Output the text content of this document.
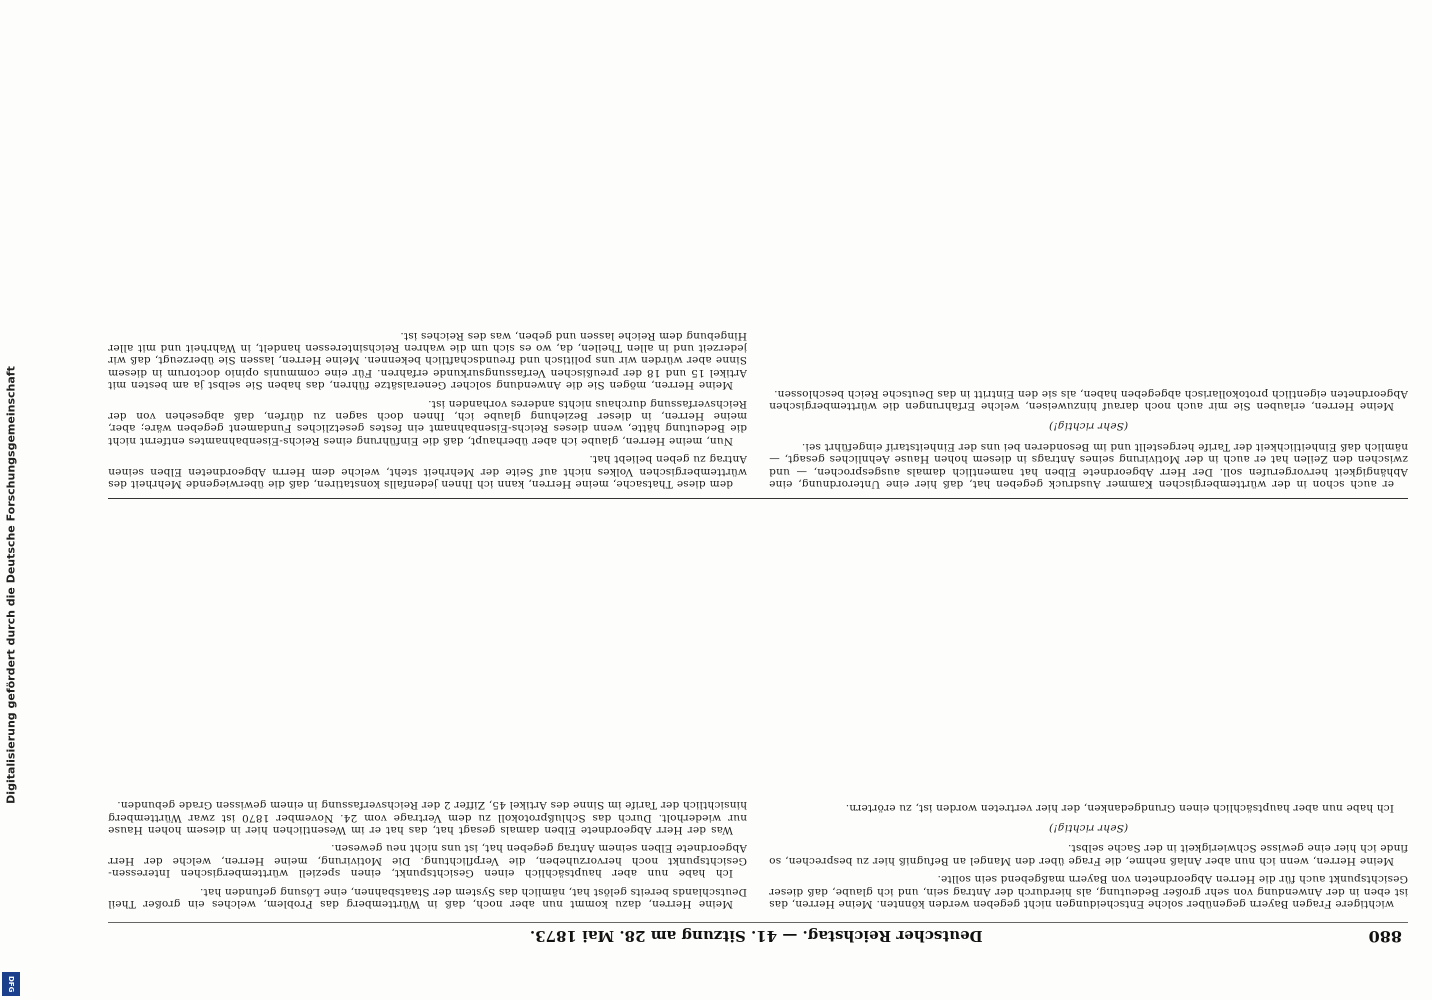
880
Deutscher Reichstag. — 41. Sitzung am 28. Mai 1873.

wichtigere Fragen Bayern gegenüber solche Entscheidungen nicht gegeben werden könnten. Meine Herren, das ist eben in der Anwendung von sehr großer Bedeutung, als hierdurch der Antrag sein, und ich glaube, daß dieser Gesichtspunkt auch für die Herren Abgeordneten von Bayern maßgebend sein sollte.

Meine Herren, wenn ich nun aber Anlaß nehme, die Frage über den Mangel an Befugniß hier zu besprechen, so finde ich hier eine gewisse Schwierigkeit in der Sache selbst.

(Sehr richtig!)

Ich habe nun aber hauptsächlich einen Grundgedanken, der hier vertreten worden ist, zu erörtern.

Meine Herren, dazu kommt nun aber noch, daß in Württemberg das Problem, welches ein großer Theil Deutschlands bereits gelöst hat, nämlich das System der Staatsbahnen, eine Lösung gefunden hat.

Ich habe nun aber hauptsächlich einen Gesichtspunkt, einen speziell württembergischen Interessen-Gesichtspunkt noch hervorzuheben, die Verpflichtung. Die Motivirung, meine Herren, welche der Herr Abgeordnete Elben seinem Antrag gegeben hat, ist uns nicht neu gewesen.

Was der Herr Abgeordnete Elben damals gesagt hat, das hat er im Wesentlichen hier in diesem hohen Hause nur wiederholt. Durch das Schlußprotokoll zu dem Vertrage vom 24. November 1870 ist zwar Württemberg hinsichtlich der Tarife im Sinne des Artikel 45, Ziffer 2 der Reichsverfassung in einem gewissen Grade gebunden.

er auch schon in der württembergischen Kammer Ausdruck gegeben hat, daß hier eine Unterordnung, eine Abhängigkeit hervorgerufen soll. Der Herr Abgeordnete Elben hat namentlich damals ausgesprochen, — und zwischen den Zeilen hat er auch in der Motivirung seines Antrags in diesem hohen Hause Aehnliches gesagt, — nämlich daß Einheitlichkeit der Tarife hergestellt und im Besonderen bei uns der Einheitstarif eingeführt sei.

(Sehr richtig!)

Meine Herren, erlauben Sie mir auch noch darauf hinzuweisen, welche Erfahrungen die württembergischen Abgeordneten eigentlich protokollarisch abgegeben haben, als sie den Eintritt in das Deutsche Reich beschlossen.

dem diese Thatsache, meine Herren, kann ich Ihnen jedenfalls konstatiren, daß die überwiegende Mehrheit des württembergischen Volkes nicht auf Seite der Mehrheit steht, welche dem Herrn Abgeordneten Elben seinen Antrag zu geben beliebt hat.

Nun, meine Herren, glaube ich aber überhaupt, daß die Einführung eines Reichs-Eisenbahnamtes entfernt nicht die Bedeutung hätte, wenn dieses Reichs-Eisenbahnamt ein festes gesetzliches Fundament gegeben wäre; aber, meine Herren, in dieser Beziehung glaube ich, Ihnen doch sagen zu dürfen, daß abgesehen von der Reichsverfassung durchaus nichts anderes vorhanden ist.

Meine Herren, mögen Sie die Anwendung solcher Generalsätze führen, das haben Sie selbst ja am besten mit Artikel 15 und 18 der preußischen Verfassungsurkunde erfahren. Für eine communis opinio doctorum in diesem Sinne aber würden wir uns politisch und freundschaftlich bekennen. Meine Herren, lassen Sie überzeugt, daß wir jederzeit und in allen Theilen, da, wo es sich um die wahren Reichsinteressen handelt, in Wahrheit und mit aller Hingebung dem Reiche lassen und geben, was des Reiches ist.

Digitalisierung gefördert durch die Deutsche Forschungsgemeinschaft
DFG
